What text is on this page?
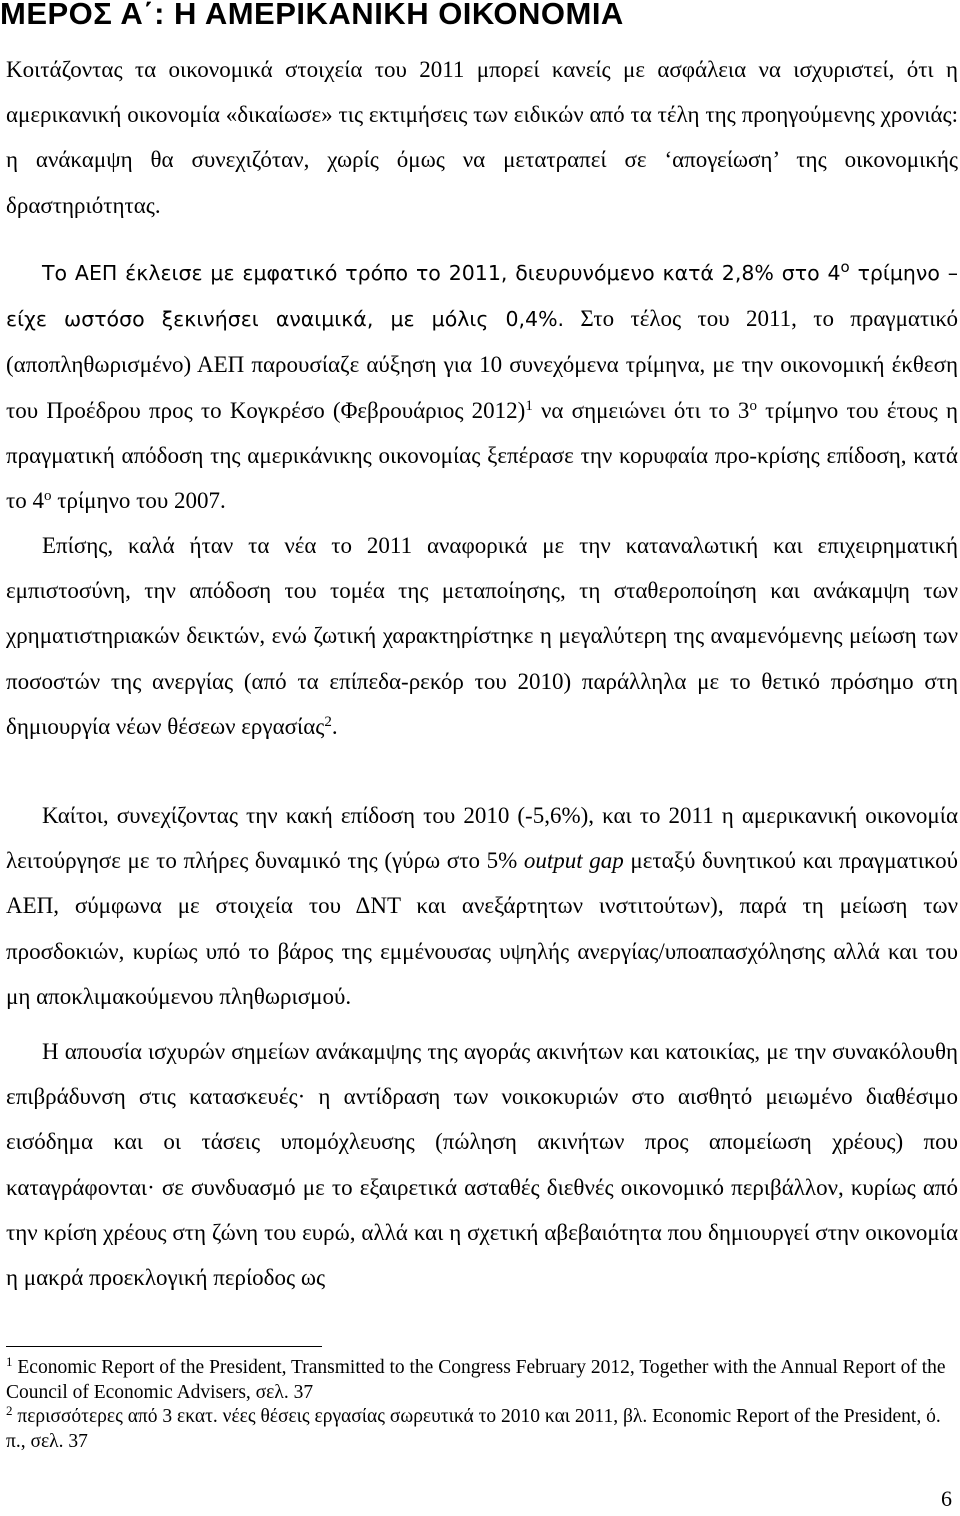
ΜΕΡΟΣ Α΄: Η ΑΜΕΡΙΚΑΝΙΚΗ ΟΙΚΟΝΟΜΙΑ

Κοιτάζοντας τα οικονομικά στοιχεία του 2011 μπορεί κανείς με ασφάλεια να ισχυριστεί, ότι η αμερικανική οικονομία «δικαίωσε» τις εκτιμήσεις των ειδικών από τα τέλη της προηγούμενης χρονιάς: η ανάκαμψη θα συνεχιζόταν, χωρίς όμως να μετατραπεί σε ‘απογείωση’ της οικονομικής δραστηριότητας.

Το ΑΕΠ έκλεισε με εμφατικό τρόπο το 2011, διευρυνόμενο κατά 2,8% στο $4^o$ τρίμηνο –είχε ωστόσο ξεκινήσει αναιμικά, με μόλις 0,4%. Στο τέλος του 2011, το πραγματικό (αποπληθωρισμένο) ΑΕΠ παρουσίαζε αύξηση για 10 συνεχόμενα τρίμηνα, με την οικονομική έκθεση του Προέδρου προς το Κογκρέσο (Φεβρουάριος 2012)$^1$ να σημειώνει ότι το $3^o$ τρίμηνο του έτους η πραγματική απόδοση της αμερικάνικης οικονομίας ξεπέρασε την κορυφαία προ-κρίσης επίδοση, κατά το $4^o$ τρίμηνο του 2007.

Επίσης, καλά ήταν τα νέα το 2011 αναφορικά με την καταναλωτική και επιχειρηματική εμπιστοσύνη, την απόδοση του τομέα της μεταποίησης, τη σταθεροποίηση και ανάκαμψη των χρηματιστηριακών δεικτών, ενώ ζωτική χαρακτηρίστηκε η μεγαλύτερη της αναμενόμενης μείωση των ποσοστών της ανεργίας (από τα επίπεδα-ρεκόρ του 2010) παράλληλα με το θετικό πρόσημο στη δημιουργία νέων θέσεων εργασίας$^2$.

Καίτοι, συνεχίζοντας την κακή επίδοση του 2010 (-5,6%), και το 2011 η αμερικανική οικονομία λειτούργησε με το πλήρες δυναμικό της (γύρω στο 5% output gap μεταξύ δυνητικού και πραγματικού ΑΕΠ, σύμφωνα με στοιχεία του ΔΝΤ και ανεξάρτητων ινστιτούτων), παρά τη μείωση των προσδοκιών, κυρίως υπό το βάρος της εμμένουσας υψηλής ανεργίας/υποαπασχόλησης αλλά και του μη αποκλιμακούμενου πληθωρισμού.

Η απουσία ισχυρών σημείων ανάκαμψης της αγοράς ακινήτων και κατοικίας, με την συνακόλουθη επιβράδυνση στις κατασκευές· η αντίδραση των νοικοκυριών στο αισθητό μειωμένο διαθέσιμο εισόδημα και οι τάσεις υπομόχλευσης (πώληση ακινήτων προς απομείωση χρέους) που καταγράφονται· σε συνδυασμό με το εξαιρετικά ασταθές διεθνές οικονομικό περιβάλλον, κυρίως από την κρίση χρέους στη ζώνη του ευρώ, αλλά και η σχετική αβεβαιότητα που δημιουργεί στην οικονομία η μακρά προεκλογική περίοδος ως

$^1$ Economic Report of the President, Transmitted to the Congress February 2012, Together with the Annual Report of the Council of Economic Advisers, σελ. 37

$^2$ περισσότερες από 3 εκατ. νέες θέσεις εργασίας σωρευτικά το 2010 και 2011, βλ. Economic Report of the President, ό. π., σελ. 37

6
